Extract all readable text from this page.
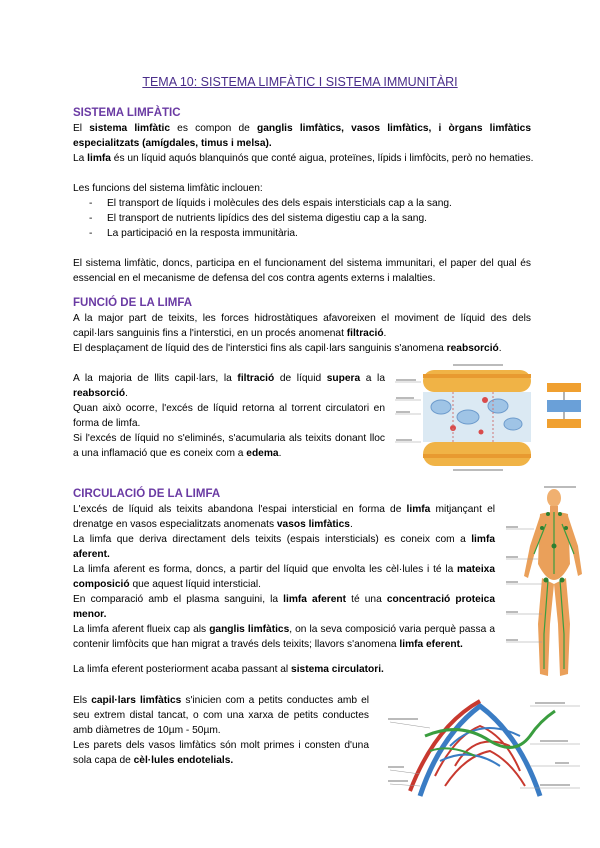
TEMA 10: SISTEMA LIMFÀTIC I SISTEMA IMMUNITÀRI
SISTEMA LIMFÀTIC
El sistema limfàtic es compon de ganglis limfàtics, vasos limfàtics, i òrgans limfàtics especialitzats (amígdales, timus i melsa).
La limfa és un líquid aquós blanquinós que conté aigua, proteïnes, lípids i limfòcits, però no hematies.
Les funcions del sistema limfàtic inclouen:
- El transport de líquids i molècules des dels espais intersticials cap a la sang.
- El transport de nutrients lipídics des del sistema digestiu cap a la sang.
- La participació en la resposta immunitària.
El sistema limfàtic, doncs, participa en el funcionament del sistema immunitari, el paper del qual és essencial en el mecanisme de defensa del cos contra agents externs i malalties.
FUNCIÓ DE LA LIMFA
A la major part de teixits, les forces hidrostàtiques afavoreixen el moviment de líquid des dels capil·lars sanguinis fins a l'interstici, en un procés anomenat filtració.
El desplaçament de líquid des de l'interstici fins als capil·lars sanguinis s'anomena reabsorció.
A la majoria de llits capil·lars, la filtració de líquid supera a la reabsorció.
Quan això ocorre, l'excés de líquid retorna al torrent circulatori en forma de limfa.
Si l'excés de líquid no s'eliminés, s'acumularia als teixits donant lloc a una inflamació que es coneix com a edema.
CIRCULACIÓ DE LA LIMFA
L'excés de líquid als teixits abandona l'espai intersticial en forma de limfa mitjançant el drenatge en vasos especialitzats anomenats vasos limfàtics.
La limfa que deriva directament dels teixits (espais intersticials) es coneix com a limfa aferent.
La limfa aferent es forma, doncs, a partir del líquid que envolta les cèl·lules i té la mateixa composició que aquest líquid intersticial.
En comparació amb el plasma sanguini, la limfa aferent té una concentració proteica menor.
La limfa aferent flueix cap als ganglis limfàtics, on la seva composició varia perquè passa a contenir limfòcits que han migrat a través dels teixits; llavors s'anomena limfa eferent.
La limfa eferent posteriorment acaba passant al sistema circulatori.
Els capil·lars limfàtics s'inicien com a petits conductes amb el seu extrem distal tancat, o com una xarxa de petits conductes amb diàmetres de 10µm - 50µm.
Les parets dels vasos limfàtics són molt primes i consten d'una sola capa de cèl·lules endotelials.
